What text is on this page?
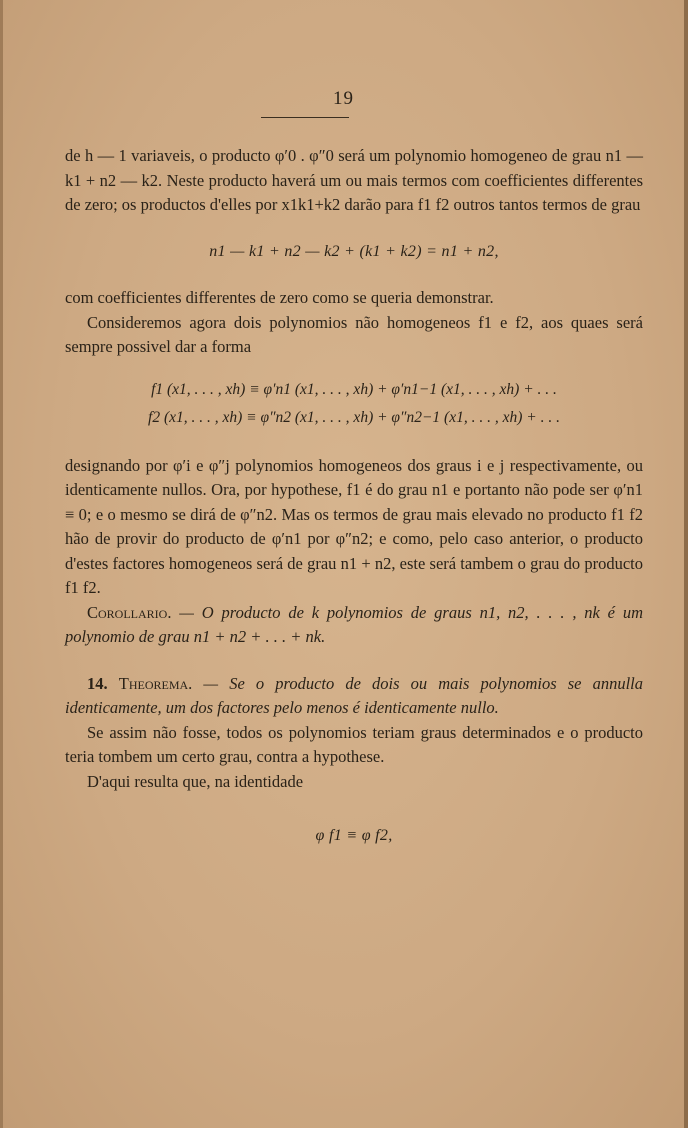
19

de h — 1 variaveis, o producto φ′0 . φ″0 será um polynomio homogeneo de grau n1 — k1 + n2 — k2. Neste producto haverá um ou mais termos com coefficientes differentes de zero; os productos d'elles por x1k1+k2 darão para f1 f2 outros tantos termos de grau

n1 — k1 + n2 — k2 + (k1 + k2) = n1 + n2,

com coefficientes differentes de zero como se queria demonstrar.

Consideremos agora dois polynomios não homogeneos f1 e f2, aos quaes será sempre possivel dar a forma

f1 (x1, . . . , xh) ≡ φ′n1 (x1, . . . , xh) + φ′n1−1 (x1, . . . , xh) + . . .
f2 (x1, . . . , xh) ≡ φ″n2 (x1, . . . , xh) + φ″n2−1 (x1, . . . , xh) + . . .

designando por φ′i e φ″j polynomios homogeneos dos graus i e j respectivamente, ou identicamente nullos. Ora, por hypothese, f1 é do grau n1 e portanto não pode ser φ′n1 ≡ 0; e o mesmo se dirá de φ″n2. Mas os termos de grau mais elevado no producto f1 f2 hão de provir do producto de φ′n1 por φ″n2; e como, pelo caso anterior, o producto d'estes factores homogeneos será de grau n1 + n2, este será tambem o grau do producto f1 f2.

Corollario. — O producto de k polynomios de graus n1, n2, . . . , nk é um polynomio de grau n1 + n2 + . . . + nk.

14. Theorema. — Se o producto de dois ou mais polynomios se annulla identicamente, um dos factores pelo menos é identicamente nullo.

Se assim não fosse, todos os polynomios teriam graus determinados e o producto teria tombem um certo grau, contra a hypothese.

D'aqui resulta que, na identidade

φ f1 ≡ φ f2,
